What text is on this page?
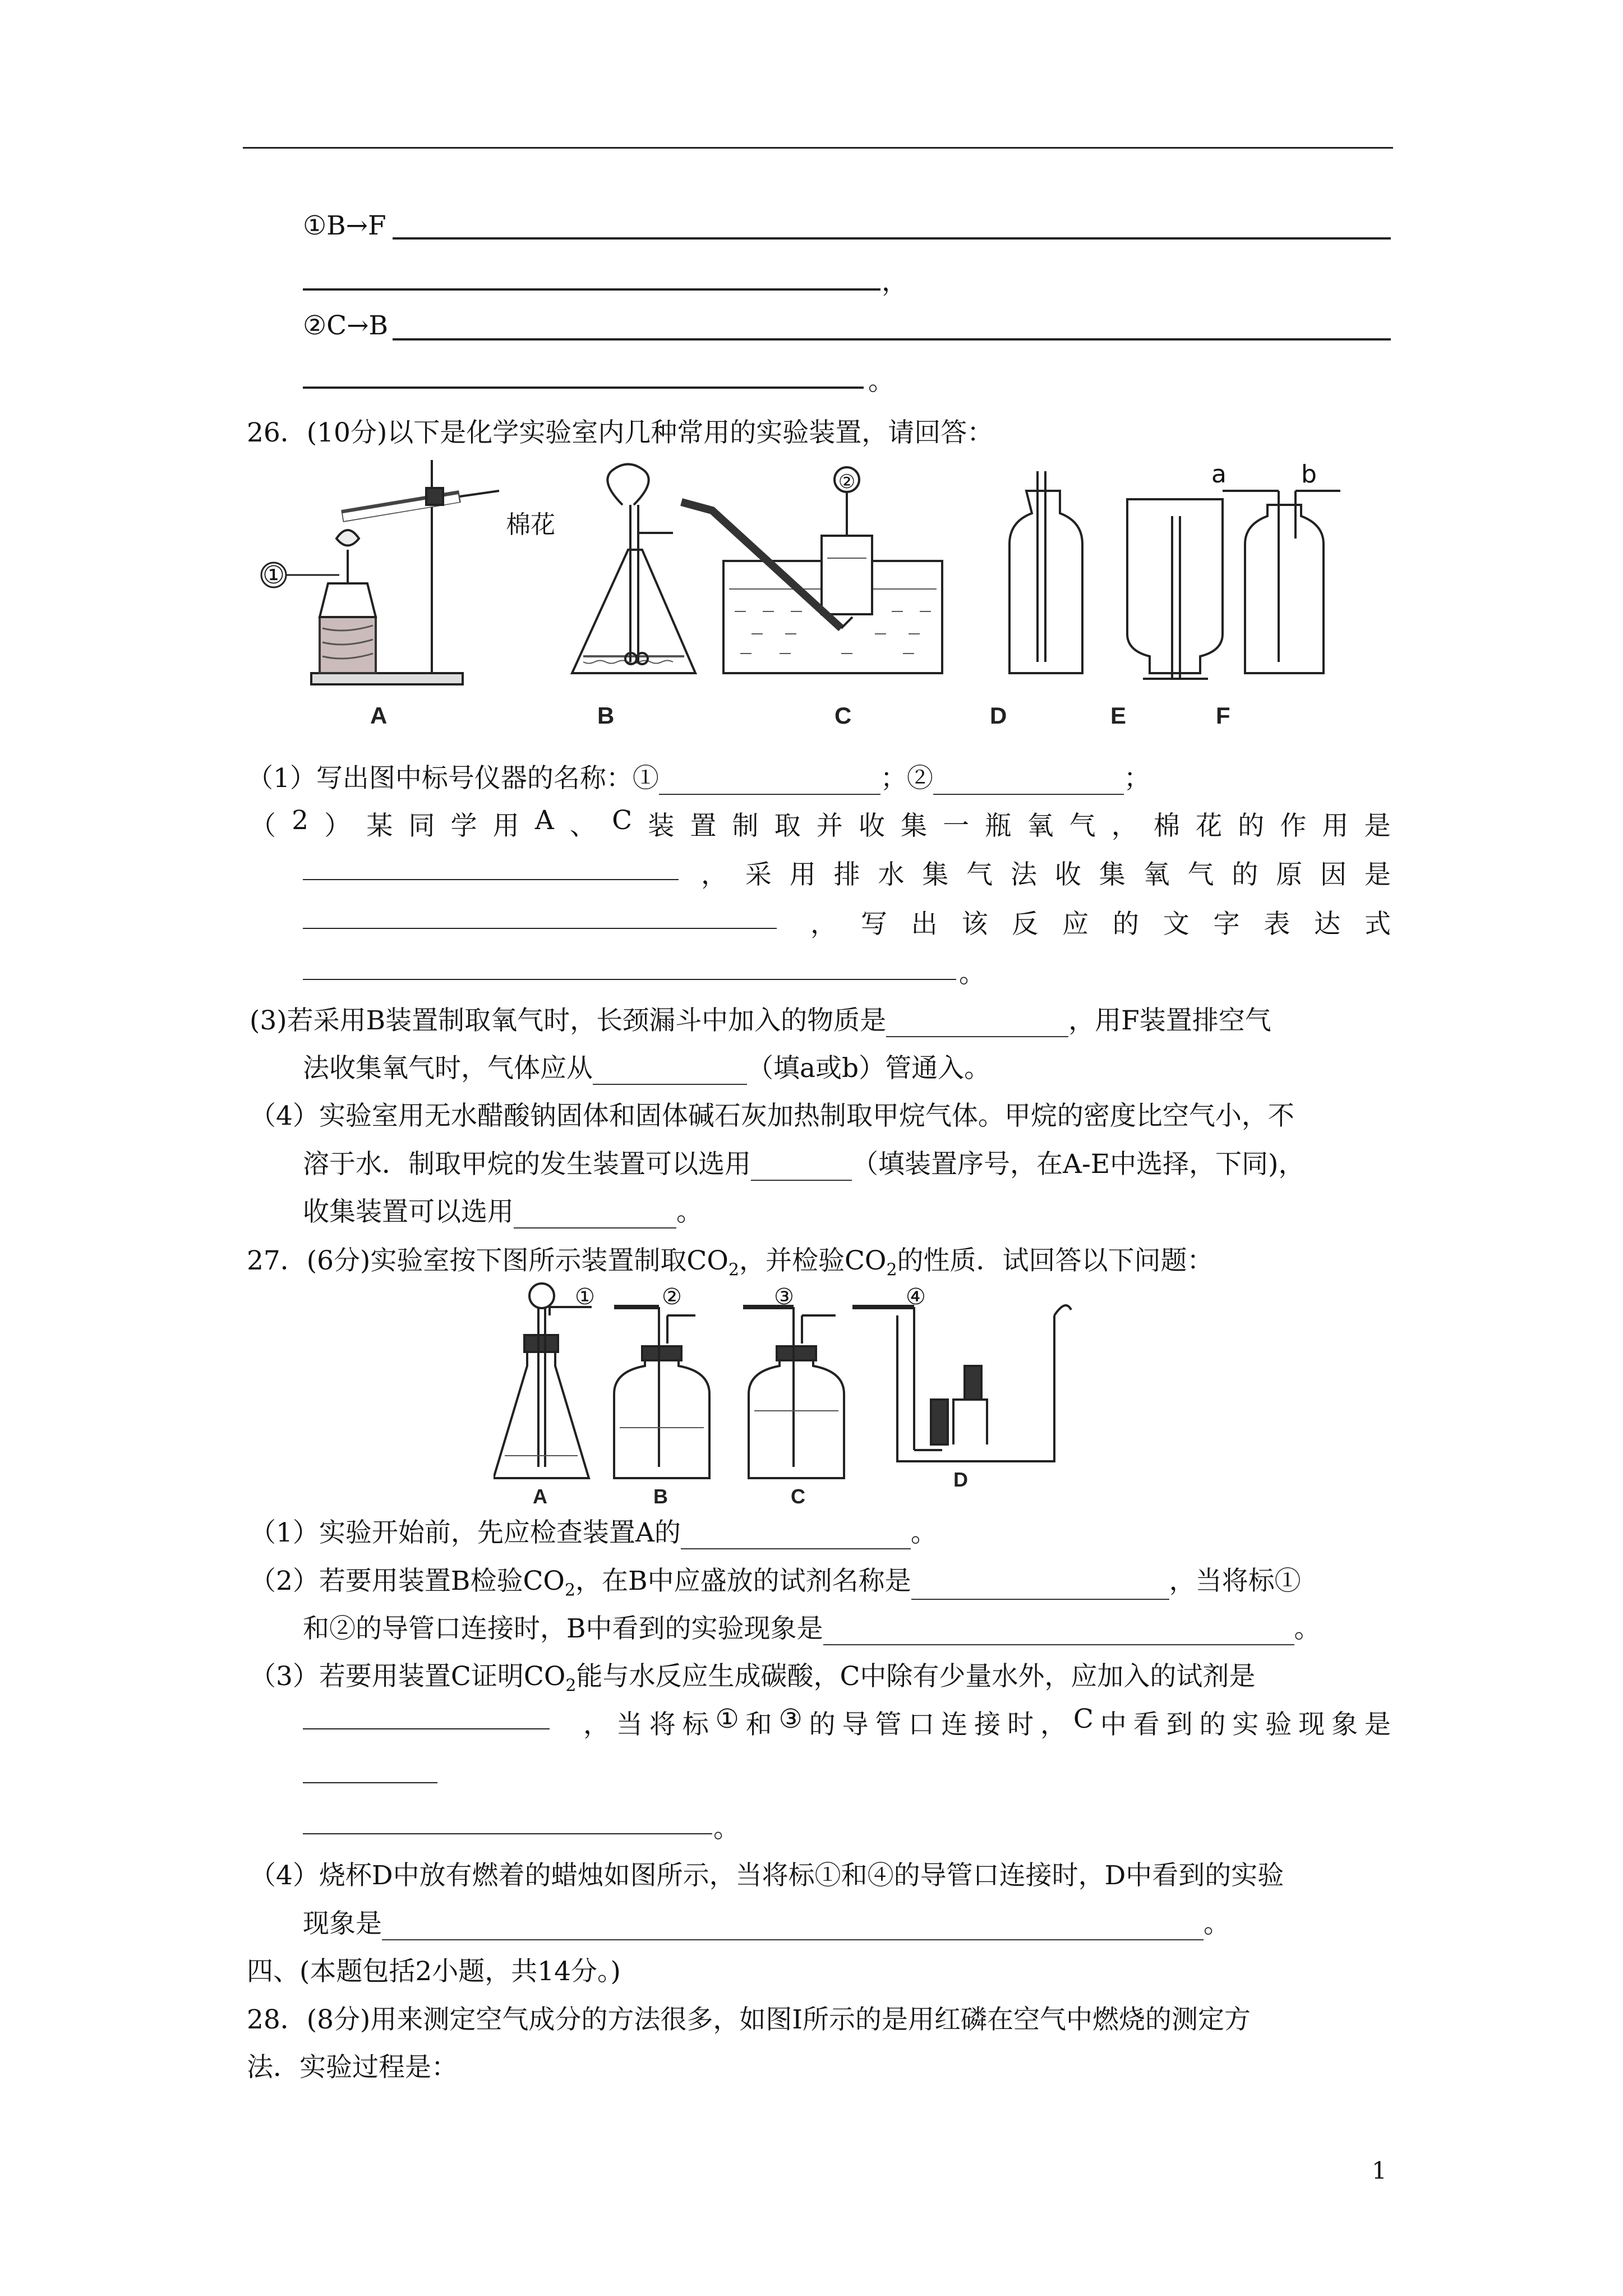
①B→F
，
②C→B
。
26．(10分)以下是化学实验室内几种常用的实验装置，请回答：
①
②
棉花
a	b
A	B	C	D	E	F
（1）写出图中标号仪器的名称：①	；②	；
（ 2 ） 某 同 学 用 A 、 C 装 置 制 取 并 收 集 一 瓶 氧 气 ， 棉 花 的 作 用 是
， 采 用 排 水 集 气 法 收 集 氧 气 的 原 因 是
， 写 出 该 反 应 的 文 字 表 达 式
。
(3)若采用B装置制取氧气时，长颈漏斗中加入的物质是	，用F装置排空气
法收集氧气时，气体应从	（填a或b）管通入。
（4）实验室用无水醋酸钠固体和固体碱石灰加热制取甲烷气体。甲烷的密度比空气小，不
溶于水．制取甲烷的发生装置可以选用	（填装置序号，在A-E中选择，下同)，
收集装置可以选用	。
27．(6分)实验室按下图所示装置制取$CO_2$，并检验$CO_2$的性质．试回答以下问题：
①	②	③	④
A	B	C
D
（1）实验开始前，先应检查装置A的	。
（2）若要用装置B检验$CO_2$，在B中应盛放的试剂名称是	，当将标①
和②的导管口连接时，B中看到的实验现象是	。
（3）若要用装置C证明$CO_2$能与水反应生成碳酸，C中除有少量水外，应加入的试剂是
， 当 将 标 ① 和 ③ 的 导 管 口 连 接 时 ， C 中 看 到 的 实 验 现 象 是
。
（4）烧杯D中放有燃着的蜡烛如图所示，当将标①和④的导管口连接时，D中看到的实验
现象是	。
四、(本题包括2小题，共14分。)
28．(8分)用来测定空气成分的方法很多，如图Ⅰ所示的是用红磷在空气中燃烧的测定方
法．实验过程是：
1
